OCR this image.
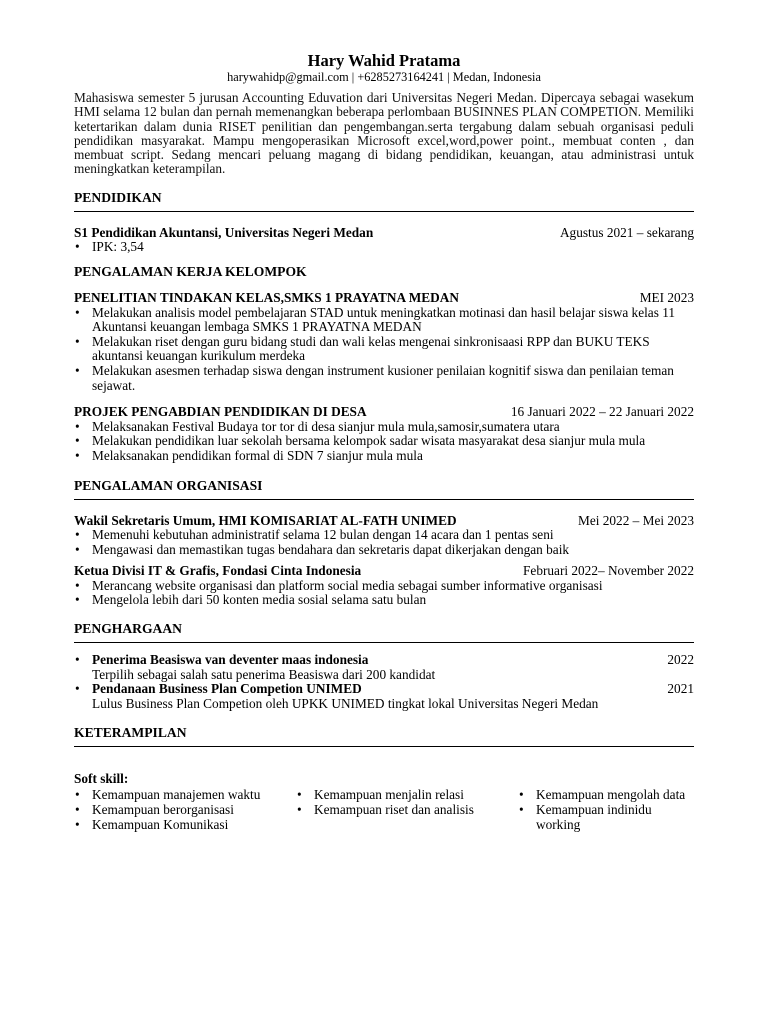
Hary Wahid Pratama
harywahidp@gmail.com | +6285273164241 | Medan, Indonesia
Mahasiswa semester 5 jurusan Accounting Eduvation dari Universitas Negeri Medan. Dipercaya sebagai wasekum HMI selama 12 bulan dan pernah memenangkan beberapa perlombaan BUSINNES PLAN COMPETION. Memiliki ketertarikan dalam dunia RISET penilitian dan pengembangan.serta tergabung dalam sebuah organisasi peduli pendidikan masyarakat. Mampu mengoperasikan Microsoft excel,word,power point., membuat conten , dan membuat script. Sedang mencari peluang magang di bidang pendidikan, keuangan, atau administrasi untuk meningkatkan keterampilan.
PENDIDIKAN
S1 Pendidikan Akuntansi, Universitas Negeri Medan	Agustus 2021 – sekarang
• IPK: 3,54
PENGALAMAN KERJA KELOMPOK
PENELITIAN TINDAKAN KELAS,SMKS 1 PRAYATNA MEDAN	MEI 2023
• Melakukan analisis model pembelajaran STAD untuk meningkatkan motinasi dan hasil belajar siswa kelas 11 Akuntansi keuangan lembaga SMKS 1 PRAYATNA MEDAN
• Melakukan riset dengan guru bidang studi dan wali kelas mengenai sinkronisaasi RPP dan BUKU TEKS akuntansi keuangan kurikulum merdeka
• Melakukan asesmen terhadap siswa dengan instrument kusioner penilaian kognitif siswa dan penilaian teman sejawat.
PROJEK PENGABDIAN PENDIDIKAN DI DESA	16 Januari 2022 – 22 Januari 2022
• Melaksanakan Festival Budaya tor tor di desa sianjur mula mula,samosir,sumatera utara
• Melakukan pendidikan luar sekolah bersama kelompok sadar wisata masyarakat desa sianjur mula mula
• Melaksanakan pendidikan formal di SDN 7 sianjur mula mula
PENGALAMAN ORGANISASI
Wakil Sekretaris Umum, HMI KOMISARIAT AL-FATH UNIMED	Mei 2022 – Mei 2023
• Memenuhi kebutuhan administratif selama 12 bulan dengan 14 acara dan 1 pentas seni
• Mengawasi dan memastikan tugas bendahara dan sekretaris dapat dikerjakan dengan baik
Ketua Divisi IT & Grafis, Fondasi Cinta Indonesia	Februari 2022– November 2022
• Merancang website organisasi dan platform social media sebagai sumber informative organisasi
• Mengelola lebih dari 50 konten media sosial selama satu bulan
PENGHARGAAN
• Penerima Beasiswa van deventer maas indonesia	2022
Terpilih sebagai salah satu penerima Beasiswa dari 200 kandidat
• Pendanaan Business Plan Competion UNIMED	2021
Lulus Business Plan Competion oleh UPKK UNIMED tingkat lokal Universitas Negeri Medan
KETERAMPILAN
Soft skill:
• Kemampuan manajemen waktu
• Kemampuan berorganisasi
• Kemampuan Komunikasi
• Kemampuan menjalin relasi
• Kemampuan riset dan analisis
• Kemampuan mengolah data
• Kemampuan indinidu working
